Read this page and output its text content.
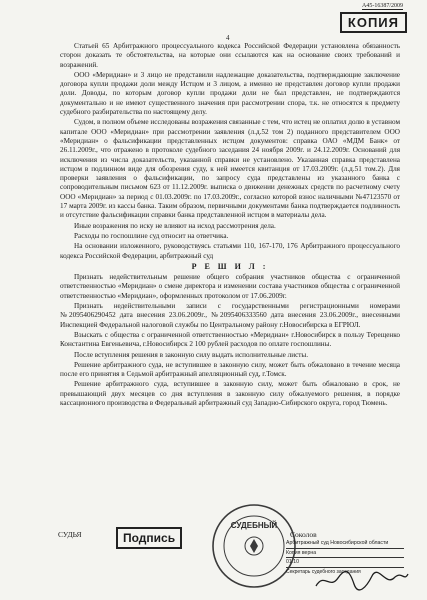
А45-16387/2009
КОПИЯ
4

Статьей 65 Арбитражного процессуального кодекса Российской Федерации установлена обязанность сторон доказать те обстоятельства, на которые они ссылаются как на основание своих требований и возражений.

ООО «Меридиан» и 3 лицо не представили надлежащие доказательства, подтверждающие заключение договора купли продажи доли между Истцом и 3 лицом, а именно не представлен договор купли продажи доли. Доводы, по которым договор купли продажи доли не был представлен, не подтверждаются документально и не имеют существенного значения при рассмотрении спора, т.к. не относятся к предмету судебного разбирательства по настоящему делу.

Судом, в полном объеме исследованы возражения связанные с тем, что истец не оплатил долю в уставном капитале ООО «Меридиан» при рассмотрении заявления (л.д.52 том 2) поданного представителем ООО «Меридиан» о фальсификации представленных истцом документов: справка ОАО «МДМ Банк» от 26.11.2009г., что отражено в протоколе судебного заседания 24 ноября 2009г. и 24.12.2009г. Оснований для исключения из числа доказательств, указанной справки не установлено. Указанная справка представлена истцом в подлинном виде для обозрения суду, к ней имеется квитанция от 17.03.2009г. (л.д.51 том.2). Для проверки заявления о фальсификации, по запросу суда представлены из указанного банка с сопроводительным письмом 623 от 11.12.2009г. выписка о движении денежных средств по расчетному счету ООО «Меридиан» за период с 01.03.2009г. по 17.03.2009г., согласно которой взнос наличными №47123570 от 17 марта 2009г. из кассы банка. Таким образом, первичными документами банка подтверждается подлинность и отсутствие фальсификации справки банка представленной истцом в материалы дела.

Иные возражения по иску не влияют на исход рассмотрения дела.

Расходы по госпошлине суд относит на ответчика.

На основании изложенного, руководствуясь статьями 110, 167-170, 176 Арбитражного процессуального кодекса Российской Федерации, арбитражный суд

Р Е Ш И Л :

Признать недействительным решение общего собрания участников общества с ограниченной ответственностью «Меридиан» о смене директора и изменении состава участников общества с ограниченной ответственностью «Меридиан», оформленных протоколом от 17.06.2009г.

Признать недействительными записи с государственными регистрационными номерами №2095406290452 дата внесения 23.06.2009г., №2095406333560 дата внесения 23.06.2009г., внесенными Инспекцией Федеральной налоговой службы по Центральному району г.Новосибирска в ЕГРЮЛ.

Взыскать с общества с ограниченной ответственностью «Меридиан» г.Новосибирск в пользу Терещенко Константина Евгеньевича, г.Новосибирск 2 100 рублей расходов по оплате госпошлины.

После вступления решения в законную силу выдать исполнительные листы.

Решение арбитражного суда, не вступившее в законную силу, может быть обжаловано в течение месяца после его принятия в Седьмой арбитражный апелляционный суд, г.Томск.

Решение арбитражного суда, вступившее в законную силу, может быть обжаловано в срок, не превышающий двух месяцев со дня вступления в законную силу обжалуемого решения, в порядке кассационного производства в Федеральный арбитражный суд Западно-Сибирского округа, город Тюмень.

СУДЬЯ	Подпись
СУДЕБНЫЙ
Соколов
Арбитражный суд Новосибирской области
Копия верна
01.10
Секретарь судебного заседания
